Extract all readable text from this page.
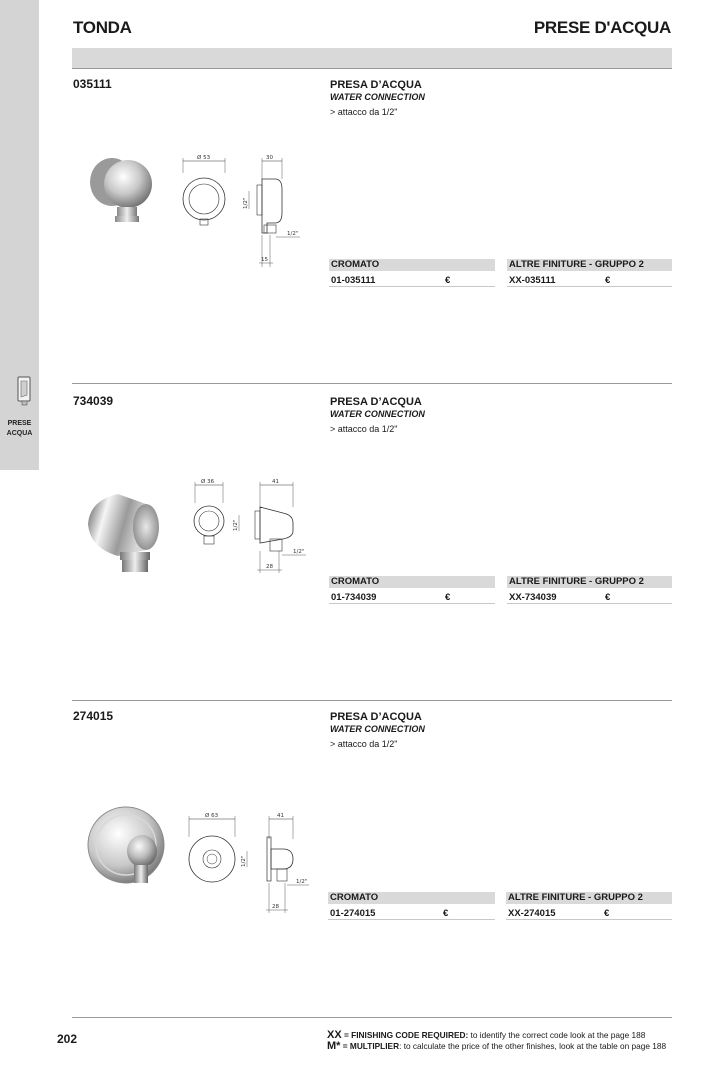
PRESE
ACQUA
TONDA	PRESE D'ACQUA
035111	PRESA D’ACQUA
WATER CONNECTION
> attacco da 1/2"
Ø 53	30
1/2"
1/2"
15	CROMATO
01-035111	€
ALTRE FINITURE - GRUPPO 2
XX-035111	€
734039	PRESA D’ACQUA
WATER CONNECTION
> attacco da 1/2"
Ø 36	41
1/2"
1/2"
28
CROMATO
01-734039	€
ALTRE FINITURE - GRUPPO 2
XX-734039	€
274015	PRESA D’ACQUA
WATER CONNECTION
> attacco da 1/2"
Ø 63	41
1/2"
1/2"
28
CROMATO
01-274015	€
ALTRE FINITURE - GRUPPO 2
XX-274015	€
202	XX = FINISHING CODE REQUIRED: to identify the correct code look at the page 188
M* = MULTIPLIER: to calculate the price of the other finishes, look at the table on page 188
